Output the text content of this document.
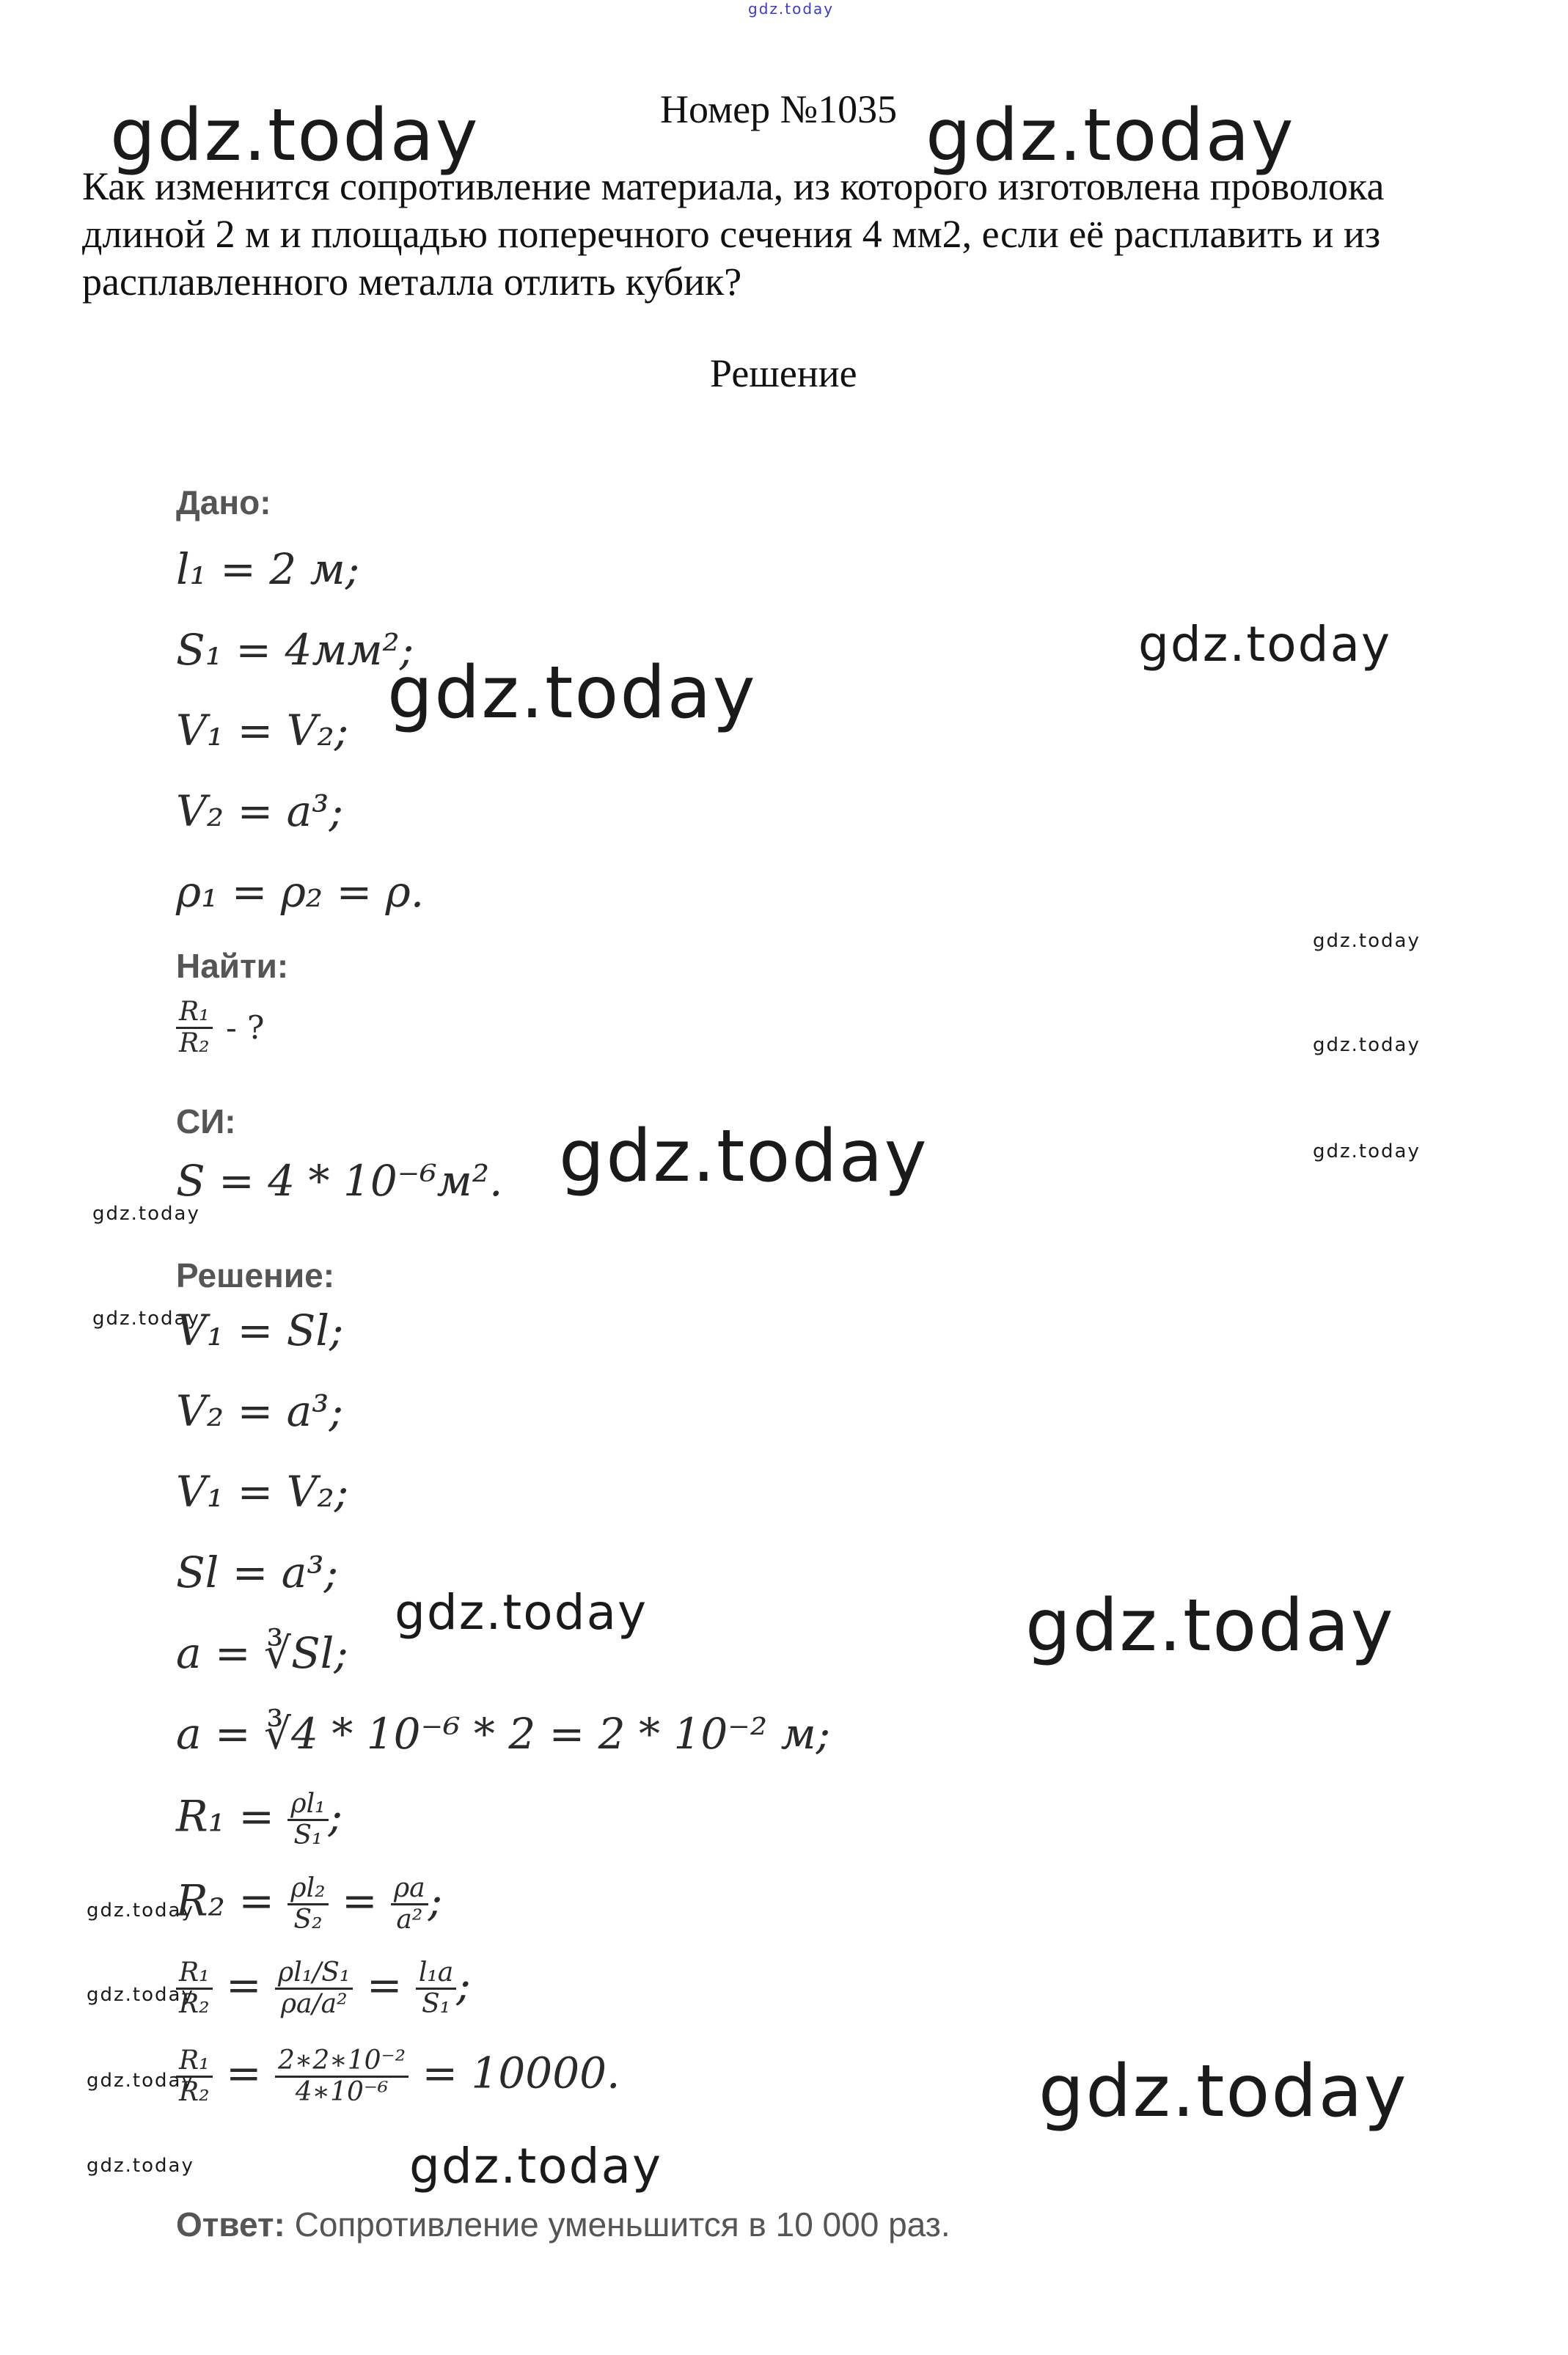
gdz.today
gdz.today	gdz.today
gdz.today
gdz.today
gdz.today
gdz.today	gdz.today
gdz.today
gdz.today
gdz.today
gdz.today
gdz.today
gdz.today
gdz.today
gdz.today
gdz.today
gdz.today
gdz.today
Номер №1035
Как изменится сопротивление материала, из которого изготовлена проволока длиной 2 м и площадью поперечного сечения 4 мм2, если её расплавить и из расплавленного металла отлить кубик?
Решение
Дано:
l₁ = 2 м;
S₁ = 4мм²;
V₁ = V₂;
V₂ = a³;
ρ₁ = ρ₂ = ρ.
Найти:
$\frac{\text{R₁}}{\text{R₂}}$ - ?
СИ:
S = 4 * 10⁻⁶м².
Решение:
V₁ = Sl;
V₂ = a³;
V₁ = V₂;
Sl = a³;
a = ∛Sl;
a = ∛4 * 10⁻⁶ * 2 = 2 * 10⁻² м;
$R_1 = \frac{\text{ρl₁}}{\text{S₁}}$ ;
$R_2 = \frac{\text{ρl₂}}{\text{S₂}} = \frac{\rho a}{\text{a²}}$ ;
$\frac{\text{R₁}}{\text{R₂}} = \frac{\text{ρl₁/S₁}}{\text{ρa/a²}} = \frac{\text{l₁a}}{\text{S₁}}$ ;
$\frac{\text{R₁}}{\text{R₂}} = \frac{\text{2∗2∗10⁻²}}{\text{4∗10⁻⁶}} = 10000$.
Ответ: Сопротивление уменьшится в 10 000 раз.
